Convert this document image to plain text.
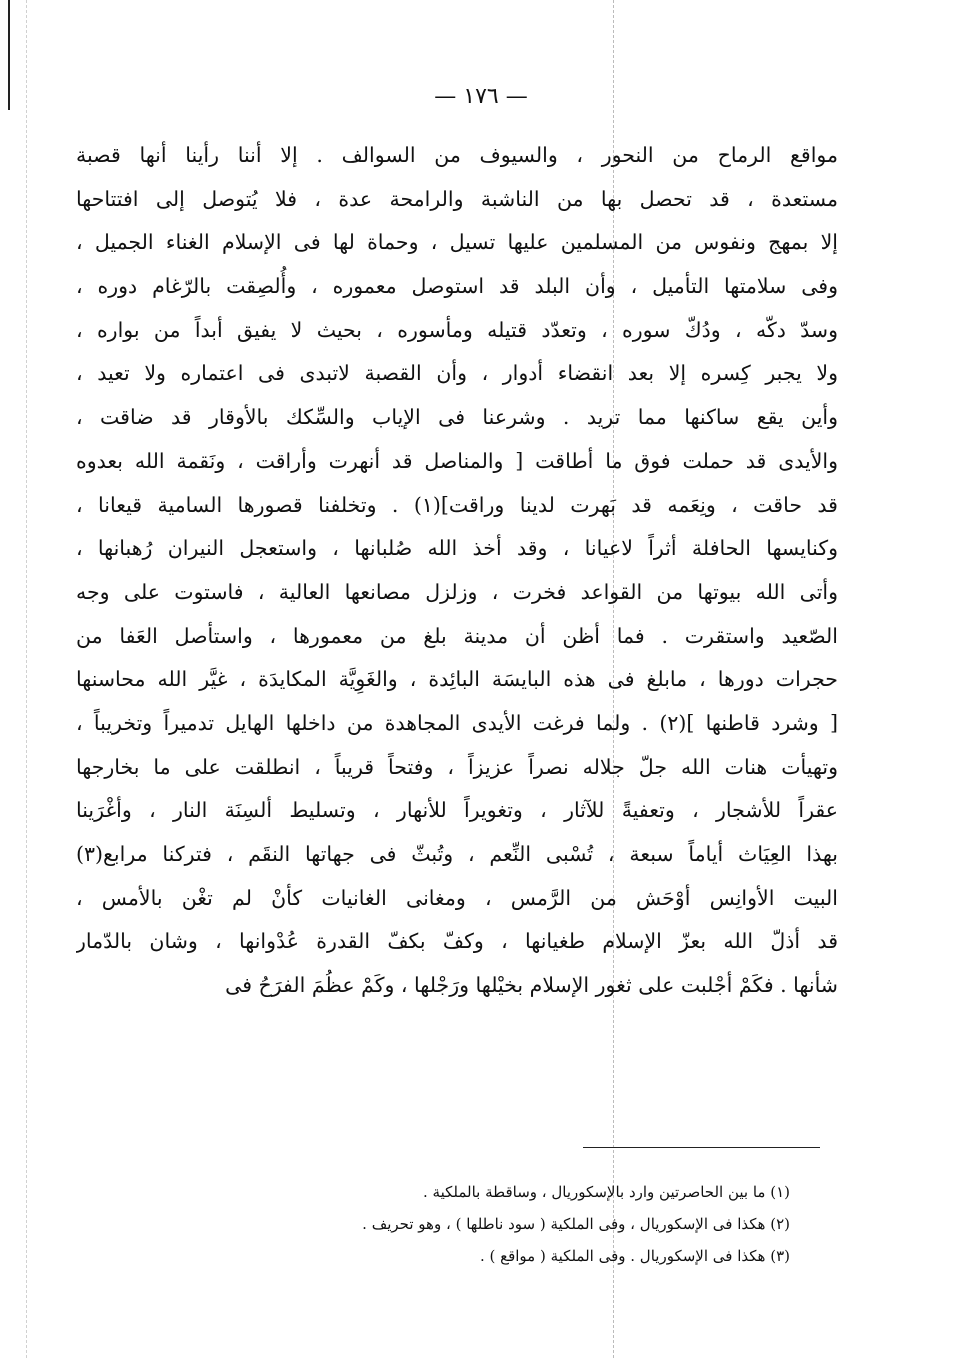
— ١٧٦ —
مواقع الرماح من النحور ، والسيوف من السوالف . إلا أننا رأينا أنها قصبة
مستعدة ، قد تحصل بها من الناشبة والرامحة عدة ، فلا يُتوصل إلى افتتاحها
إلا بمهج ونفوس من المسلمين عليها تسيل ، وحماة لها فى الإسلام الغناء الجميل ،
وفى سلامتها التأميل ، وأن البلد قد استوصل معموره ، وأُلصِقت بالرّغام دوره ،
وسدّ دكّه ، ودُكّ سوره ، وتعدّد قتيله ومأسوره ، بحيث لا يفيق أبداً من بواره ،
ولا يجبر كِسره إلا بعد انقضاء أدوار ، وأن القصبة لاتبدى فى اعتماره ولا تعيد ،
وأين يقع ساكنها مما تريد . وشرعنا فى الإياب والسِّكك بالأوقار قد ضاقت ،
والأيدى قد حملت فوق ما أطاقت [ والمناصل قد أنهرت وأراقت ، ونَقمة الله بعدوه
قد حاقت ، ونِعَمه قد بَهرت لدينا وراقت](١) . وتخلفنا قصورها السامية قيعانا ،
وكنايسها الحافلة أثراً لاعيانا ، وقد أخذ الله صُلبانها ، واستعجل النيران رُهبانها ،
وأتى الله بيوتها من القواعد فخرت ، وزلزل مصانعها العالية ، فاستوت على وجه
الصّعيد واستقرت . فما أظن أن مدينة بلغ من معمورها ، واستأصل العَفا من
حجرات دورها ، مابلغ فى هذه البايسَة البائِدة ، والغَوِيَّة المكايدَة ، غيَّر الله محاسنها
[ وشرد قاطنها ](٢) . ولما فرغت الأيدى المجاهدة من داخلها الهايل تدميراً وتخريباً ،
وتهيأت هنات الله جلّ جلاله نصراً عزيزاً ، وفتحاً قريباً ، انطلقت على ما بخارجها
عقراً للأشجار ، وتعفيةً للآثار ، وتغويراً للأنهار ، وتسليط ألسِنَة النار ، وأغْرَينا
بهذا العِيَاث أياماً سبعة ، تُسْبى النِّعم ، وتُبثّ فى جهاتها النقَم ، فتركنا مرابع(٣)
البيت الأوانِس أوْحَش من الرَّمس ، ومغانى الغانيات كأنْ لم تغْن بالأمس ،
قد أذلّ الله بعزّ الإسلام طغيانها ، وكفّ بكفّ القدرة عُدْوانها ، وشان بالدّمار
شأنها . فكَمْ أجْلبت على ثغور الإسلام بخيْلها ورَجْلها ، وكَمْ عظُمَ الفرَحُ فى
(١) ما بين الحاصرتين وارد بالإسكوريال ، وساقطة بالملكية .
(٢) هكذا فى الإسكوريال ، وفى الملكية ( سود ناطلها ) ، وهو تحريف .
(٣) هكذا فى الإسكوريال . وفى الملكية ( مواقع ) .
